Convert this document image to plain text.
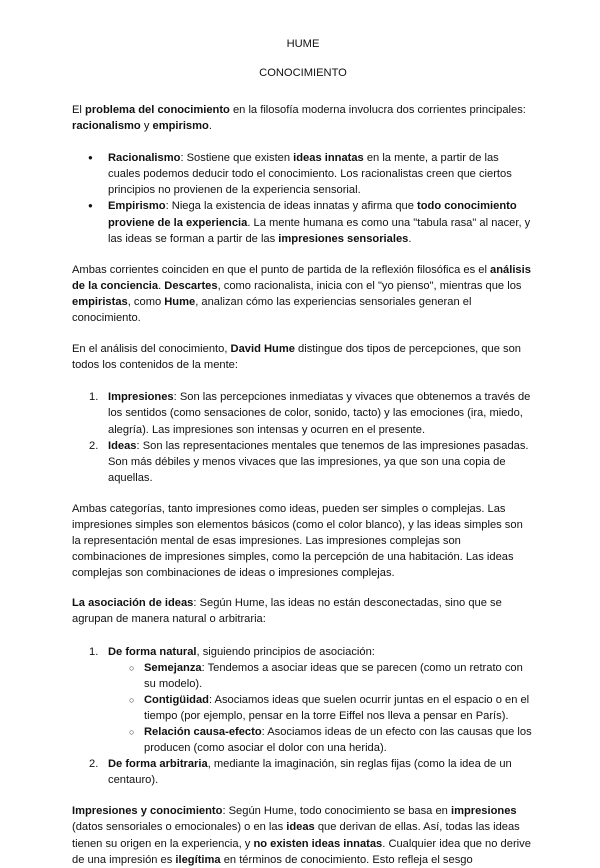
HUME

CONOCIMIENTO

El problema del conocimiento en la filosofía moderna involucra dos corrientes principales: racionalismo y empirismo.

● Racionalismo: Sostiene que existen ideas innatas en la mente, a partir de las cuales podemos deducir todo el conocimiento. Los racionalistas creen que ciertos principios no provienen de la experiencia sensorial.
● Empirismo: Niega la existencia de ideas innatas y afirma que todo conocimiento proviene de la experiencia. La mente humana es como una "tabula rasa" al nacer, y las ideas se forman a partir de las impresiones sensoriales.

Ambas corrientes coinciden en que el punto de partida de la reflexión filosófica es el análisis de la conciencia. Descartes, como racionalista, inicia con el "yo pienso", mientras que los empiristas, como Hume, analizan cómo las experiencias sensoriales generan el conocimiento.

En el análisis del conocimiento, David Hume distingue dos tipos de percepciones, que son todos los contenidos de la mente:

1. Impresiones: Son las percepciones inmediatas y vivaces que obtenemos a través de los sentidos (como sensaciones de color, sonido, tacto) y las emociones (ira, miedo, alegría). Las impresiones son intensas y ocurren en el presente.
2. Ideas: Son las representaciones mentales que tenemos de las impresiones pasadas. Son más débiles y menos vivaces que las impresiones, ya que son una copia de aquellas.

Ambas categorías, tanto impresiones como ideas, pueden ser simples o complejas. Las impresiones simples son elementos básicos (como el color blanco), y las ideas simples son la representación mental de esas impresiones. Las impresiones complejas son combinaciones de impresiones simples, como la percepción de una habitación. Las ideas complejas son combinaciones de ideas o impresiones complejas.

La asociación de ideas: Según Hume, las ideas no están desconectadas, sino que se agrupan de manera natural o arbitraria:

1. De forma natural, siguiendo principios de asociación:
○ Semejanza: Tendemos a asociar ideas que se parecen (como un retrato con su modelo).
○ Contigüidad: Asociamos ideas que suelen ocurrir juntas en el espacio o en el tiempo (por ejemplo, pensar en la torre Eiffel nos lleva a pensar en París).
○ Relación causa-efecto: Asociamos ideas de un efecto con las causas que los producen (como asociar el dolor con una herida).
2. De forma arbitraria, mediante la imaginación, sin reglas fijas (como la idea de un centauro).

Impresiones y conocimiento: Según Hume, todo conocimiento se basa en impresiones (datos sensoriales o emocionales) o en las ideas que derivan de ellas. Así, todas las ideas tienen su origen en la experiencia, y no existen ideas innatas. Cualquier idea que no derive de una impresión es ilegítima en términos de conocimiento. Esto refleja el sesgo
